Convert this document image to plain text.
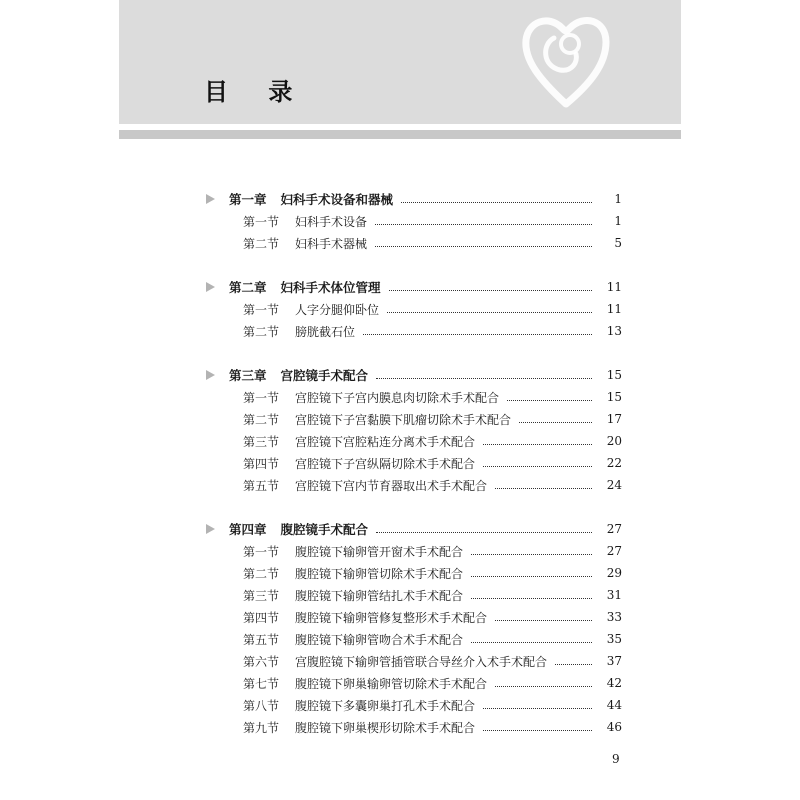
目 录
第一章 妇科手术设备和器械	1
第一节 妇科手术设备	1
第二节 妇科手术器械	5
第二章 妇科手术体位管理	11
第一节 人字分腿仰卧位	11
第二节 膀胱截石位	13
第三章 宫腔镜手术配合	15
第一节 宫腔镜下子宫内膜息肉切除术手术配合	15
第二节 宫腔镜下子宫黏膜下肌瘤切除术手术配合	17
第三节 宫腔镜下宫腔粘连分离术手术配合	20
第四节 宫腔镜下子宫纵隔切除术手术配合	22
第五节 宫腔镜下宫内节育器取出术手术配合	24
第四章 腹腔镜手术配合	27
第一节 腹腔镜下输卵管开窗术手术配合	27
第二节 腹腔镜下输卵管切除术手术配合	29
第三节 腹腔镜下输卵管结扎术手术配合	31
第四节 腹腔镜下输卵管修复整形术手术配合	33
第五节 腹腔镜下输卵管吻合术手术配合	35
第六节 宫腹腔镜下输卵管插管联合导丝介入术手术配合	37
第七节 腹腔镜下卵巢输卵管切除术手术配合	42
第八节 腹腔镜下多囊卵巢打孔术手术配合	44
第九节 腹腔镜下卵巢楔形切除术手术配合	46
9
